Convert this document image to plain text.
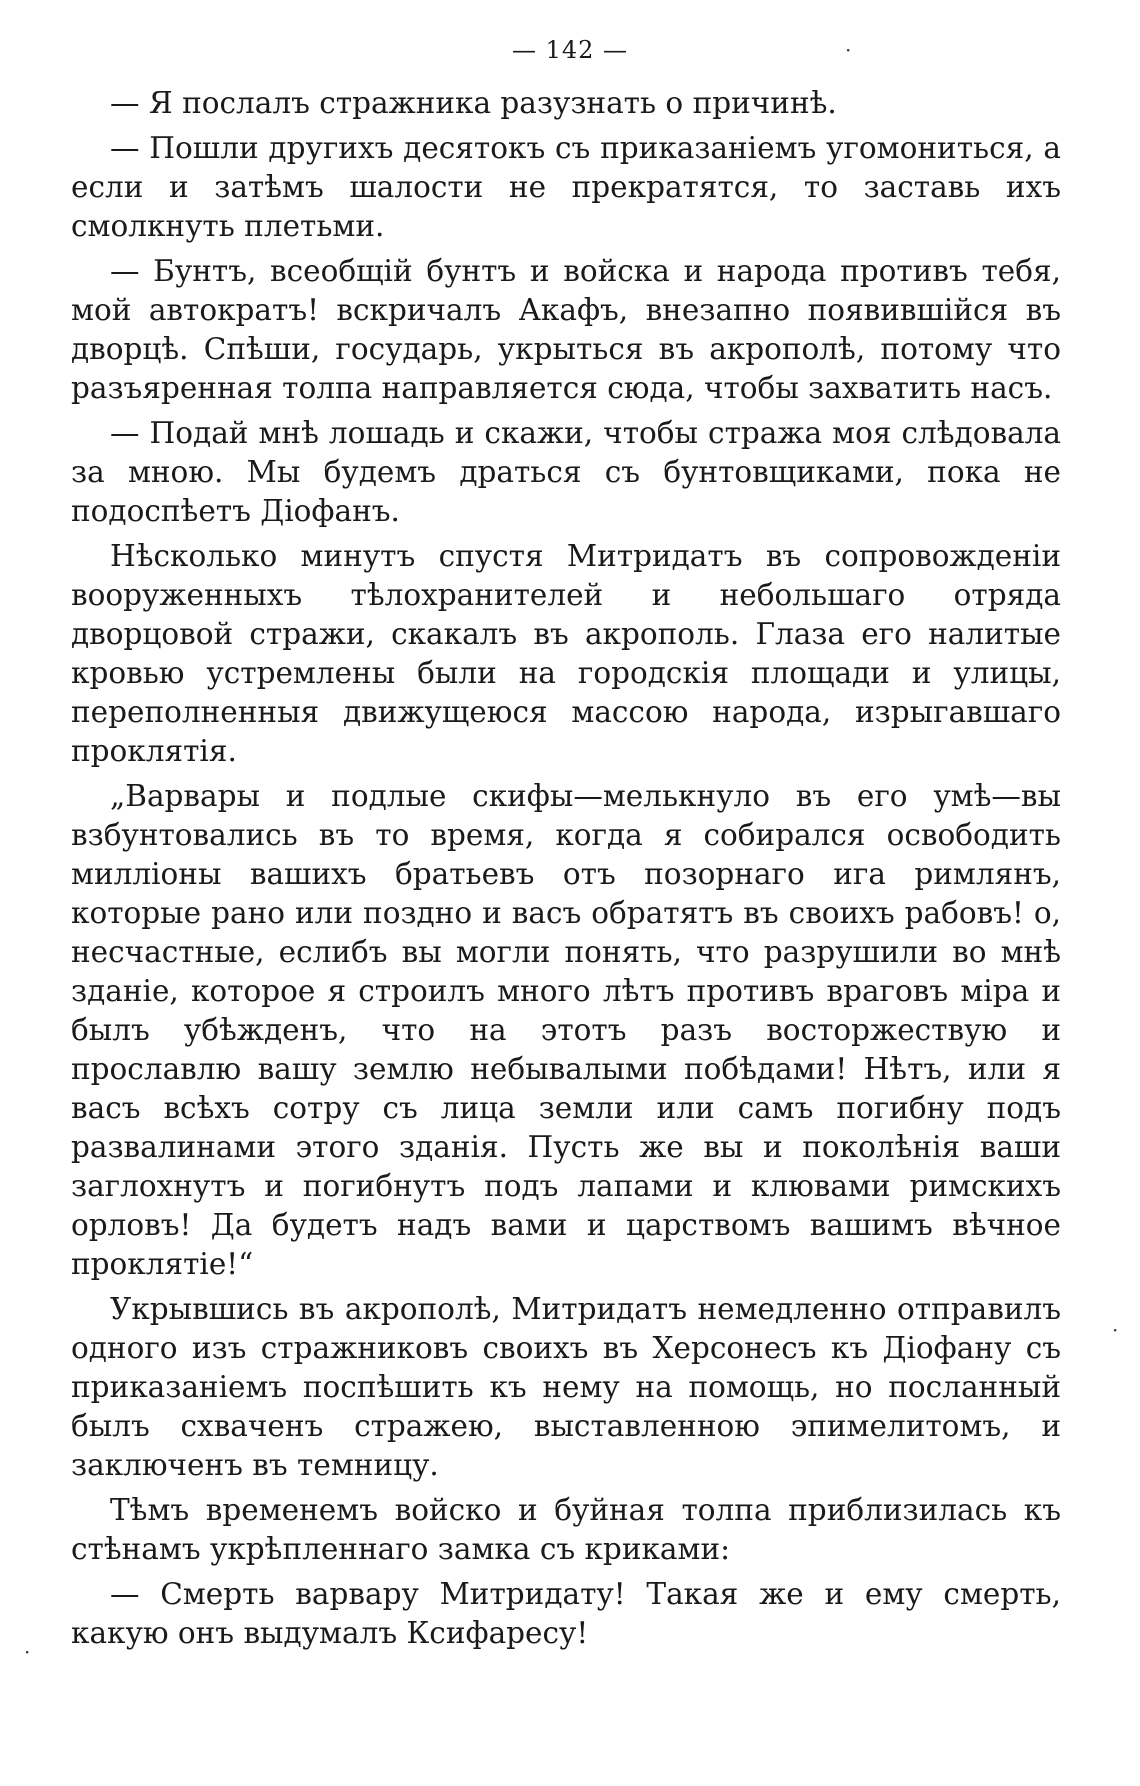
— 142 —

— Я послалъ стражника разузнать о причинѣ.

— Пошли другихъ десятокъ съ приказаніемъ угомониться, а если и затѣмъ шалости не прекратятся, то заставь ихъ смолкнуть плетьми.

— Бунтъ, всеобщій бунтъ и войска и народа противъ тебя, мой автократъ! вскричалъ Акафъ, внезапно появившійся въ дворцѣ. Спѣши, государь, укрыться въ акрополѣ, потому что разъяренная толпа направляется сюда, чтобы захватить насъ.

— Подай мнѣ лошадь и скажи, чтобы стража моя слѣдовала за мною. Мы будемъ драться съ бунтовщиками, пока не подоспѣетъ Діофанъ.

Нѣсколько минутъ спустя Митридатъ въ сопровожденіи вооруженныхъ тѣлохранителей и небольшаго отряда дворцовой стражи, скакалъ въ акрополь. Глаза его налитые кровью устремлены были на городскія площади и улицы, переполненныя движущеюся массою народа, изрыгавшаго проклятія.

„Варвары и подлые скифы—мелькнуло въ его умѣ—вы взбунтовались въ то время, когда я собирался освободить милліоны вашихъ братьевъ отъ позорнаго ига римлянъ, которые рано или поздно и васъ обратятъ въ своихъ рабовъ! о, несчастные, еслибъ вы могли понять, что разрушили во мнѣ зданіе, которое я строилъ много лѣтъ противъ враговъ міра и былъ убѣжденъ, что на этотъ разъ восторжествую и прославлю вашу землю небывалыми побѣдами! Нѣтъ, или я васъ всѣхъ сотру съ лица земли или самъ погибну подъ развалинами этого зданія. Пусть же вы и поколѣнія ваши заглохнутъ и погибнутъ подъ лапами и клювами римскихъ орловъ! Да будетъ надъ вами и царствомъ вашимъ вѣчное проклятіе!“

Укрывшись въ акрополѣ, Митридатъ немедленно отправилъ одного изъ стражниковъ своихъ въ Херсонесъ къ Діофану съ приказаніемъ поспѣшить къ нему на помощь, но посланный былъ схваченъ стражею, выставленною эпимелитомъ, и заключенъ въ темницу.

Тѣмъ временемъ войско и буйная толпа приблизилась къ стѣнамъ укрѣпленнаго замка съ криками:

— Смерть варвару Митридату! Такая же и ему смерть, какую онъ выдумалъ Ксифаресу!

·
·
·
